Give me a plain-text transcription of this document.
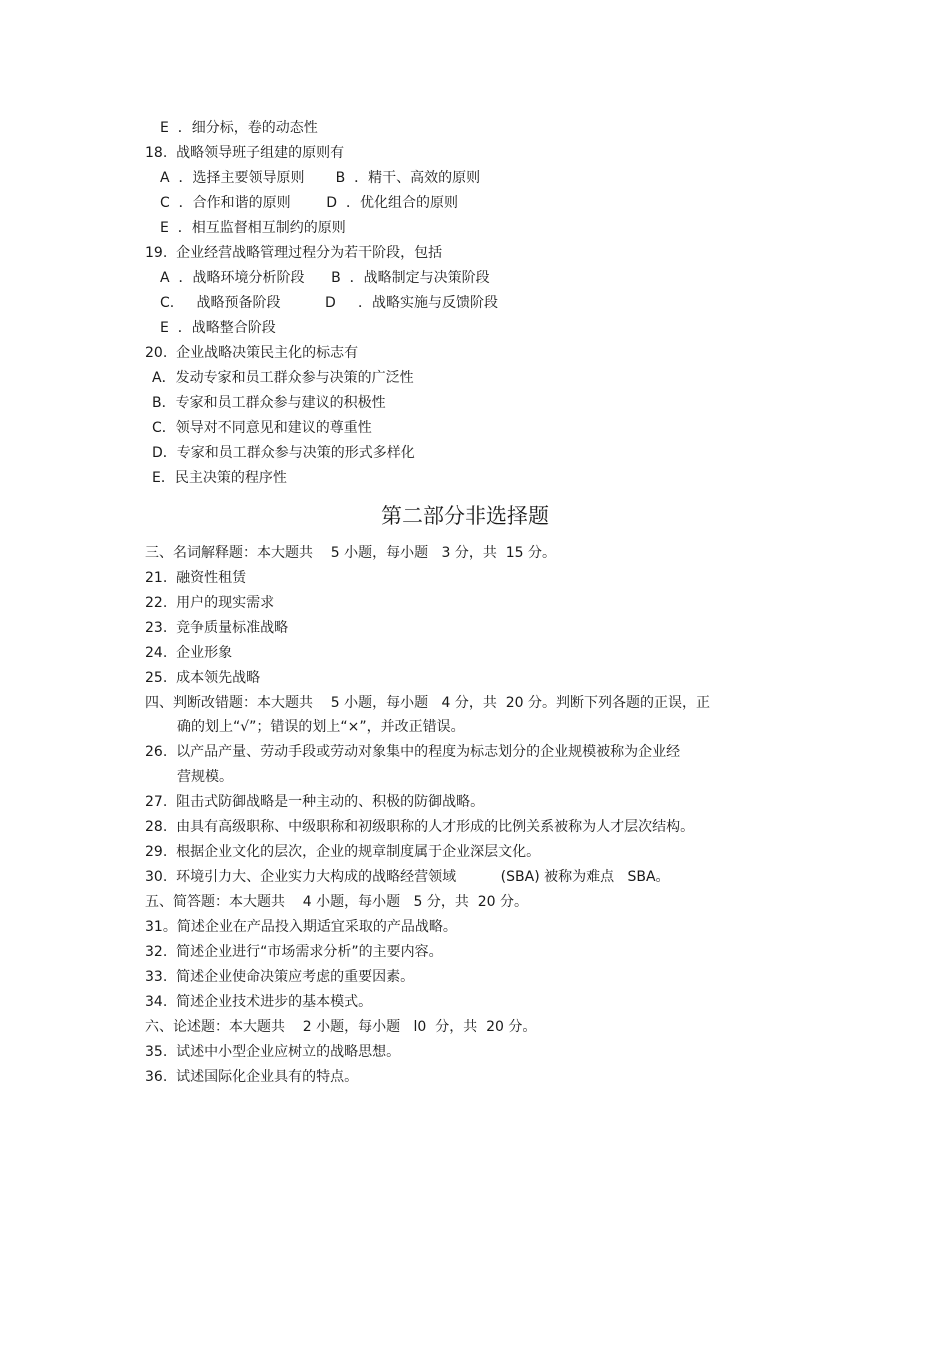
E  ．细分标，卷的动态性
18.  战略领导班子组建的原则有
A  ．选择主要领导原则       B  ．精干、高效的原则
C  ．合作和谐的原则        D  ．优化组合的原则
E  ．相互监督相互制约的原则
19.  企业经营战略管理过程分为若干阶段，包括
A  ．战略环境分析阶段      B  ．战略制定与决策阶段
C.     战略预备阶段          D     ．战略实施与反馈阶段
E  ．战略整合阶段
20.  企业战略决策民主化的标志有
A．发动专家和员工群众参与决策的广泛性
B．专家和员工群众参与建议的积极性
C．领导对不同意见和建议的尊重性
D．专家和员工群众参与决策的形式多样化
E．民主决策的程序性
第二部分非选择题
三、名词解释题：本大题共    5 小题，每小题   3 分，共  15 分。
21.  融资性租赁
22.  用户的现实需求
23.  竞争质量标准战略
24.  企业形象
25.  成本领先战略
四、判断改错题：本大题共    5 小题，每小题   4 分，共  20 分。判断下列各题的正误，正
确的划上“√”；错误的划上“×”，并改正错误。
26.  以产品产量、劳动手段或劳动对象集中的程度为标志划分的企业规模被称为企业经
营规模。
27.  阻击式防御战略是一种主动的、积极的防御战略。
28.  由具有高级职称、中级职称和初级职称的人才形成的比例关系被称为人才层次结构。
29.  根据企业文化的层次，企业的规章制度属于企业深层文化。
30.  环境引力大、企业实力大构成的战略经营领域          (SBA) 被称为难点   SBA。
五、简答题：本大题共    4 小题，每小题   5 分，共  20 分。
31。简述企业在产品投入期适宜采取的产品战略。
32.  简述企业进行“市场需求分析”的主要内容。
33.  简述企业使命决策应考虑的重要因素。
34.  简述企业技术进步的基本模式。
六、论述题：本大题共    2 小题，每小题   l0  分，共  20 分。
35.  试述中小型企业应树立的战略思想。
36.  试述国际化企业具有的特点。
